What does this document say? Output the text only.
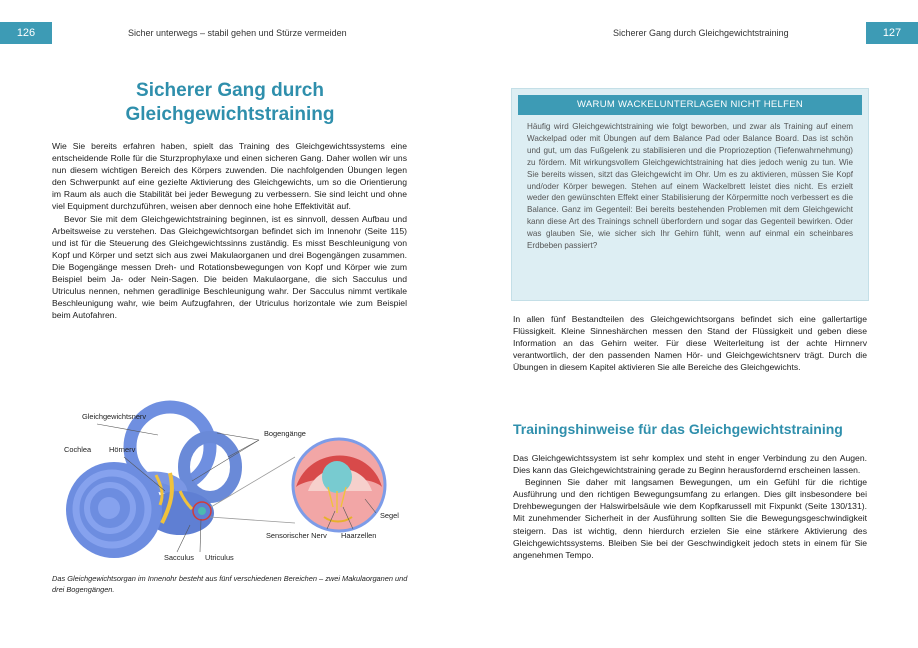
126	Sicher unterwegs – stabil gehen und Stürze vermeiden	Sicherer Gang durch Gleichgewichtstraining	127
Sicherer Gang durch
Gleichgewichtstraining

Wie Sie bereits erfahren haben, spielt das Training des Gleichgewichtssystems eine entscheidende Rolle für die Sturzprophylaxe und einen sicheren Gang. Daher wollen wir uns nun diesem wichtigen Bereich des Körpers zuwenden. Die nachfolgenden Übungen legen den Schwerpunkt auf eine gezielte Aktivierung des Gleichgewichts, um so die Orientierung im Raum als auch die Stabilität bei jeder Bewegung zu verbessern. Sie sind leicht und ohne viel Equipment durchzuführen, weisen aber dennoch eine hohe Effektivität auf.

Bevor Sie mit dem Gleichgewichtstraining beginnen, ist es sinnvoll, dessen Aufbau und Arbeitsweise zu verstehen. Das Gleichgewichtsorgan befindet sich im Innenohr (Seite 115) und ist für die Steuerung des Gleichgewichtssinns zuständig. Es misst Beschleunigung von Kopf und Körper und setzt sich aus zwei Makulaorganen und drei Bogengängen zusammen. Die Bogengänge messen Dreh- und Rotationsbewegungen von Kopf und Körper wie zum Beispiel beim Ja- oder Nein-Sagen. Die beiden Makulaorgane, die sich Sacculus und Utriculus nennen, nehmen geradlinige Beschleunigung wahr. Der Sacculus nimmt vertikale Beschleunigung wahr, wie beim Aufzugfahren, der Utriculus horizontale wie zum Beispiel beim Autofahren.

Gleichgewichtsnerv
Bogengänge
Cochlea Hörnerv
Sacculus Utriculus
Sensorischer Nerv Haarzellen
Segel
Das Gleichgewichtsorgan im Innenohr besteht aus fünf verschiedenen Bereichen – zwei Makulaorganen und drei Bogengängen.
WARUM WACKELUNTERLAGEN NICHT HELFEN
Häufig wird Gleichgewichtstraining wie folgt beworben, und zwar als Training auf einem Wackelpad oder mit Übungen auf dem Balance Pad oder Balance Board. Das ist schön und gut, um das Fußgelenk zu stabilisieren und die Propriozeption (Tiefenwahrnehmung) zu fördern. Mit wirkungsvollem Gleichgewichtstraining hat dies jedoch wenig zu tun. Wie Sie bereits wissen, sitzt das Gleichgewicht im Ohr. Um es zu aktivieren, müssen Sie Kopf und/oder Körper bewegen. Stehen auf einem Wackelbrett leistet dies nicht. Es erzielt weder den gewünschten Effekt einer Stabilisierung der Körpermitte noch verbessert es die Balance. Ganz im Gegenteil: Bei bereits bestehenden Problemen mit dem Gleichgewicht kann diese Art des Trainings schnell überfordern und sogar das Gegenteil bewirken. Oder was glauben Sie, wie sicher sich Ihr Gehirn fühlt, wenn auf einmal ein scheinbares Erdbeben passiert?

In allen fünf Bestandteilen des Gleichgewichtsorgans befindet sich eine gallertartige Flüssigkeit. Kleine Sinneshärchen messen den Stand der Flüssigkeit und geben diese Information an das Gehirn weiter. Für diese Weiterleitung ist der achte Hirnnerv verantwortlich, der den passenden Namen Hör- und Gleichgewichtsnerv trägt. Durch die Übungen in diesem Kapitel aktivieren Sie alle Bereiche des Gleichgewichts.

Trainingshinweise für das Gleichgewichtstraining

Das Gleichgewichtssystem ist sehr komplex und steht in enger Verbindung zu den Augen. Dies kann das Gleichgewichtstraining gerade zu Beginn herausfordernd erscheinen lassen.

Beginnen Sie daher mit langsamen Bewegungen, um ein Gefühl für die richtige Ausführung und den richtigen Bewegungsumfang zu erlangen. Dies gilt insbesondere bei Drehbewegungen der Halswirbelsäule wie dem Kopfkarussell mit Fixpunkt (Seite 130/131). Mit zunehmender Sicherheit in der Ausführung sollten Sie die Bewegungsgeschwindigkeit steigern. Das ist wichtig, denn hierdurch erzielen Sie eine stärkere Aktivierung des Gleichgewichtssystems. Bleiben Sie bei der Geschwindigkeit jedoch stets in einem für Sie angenehmen Tempo.
